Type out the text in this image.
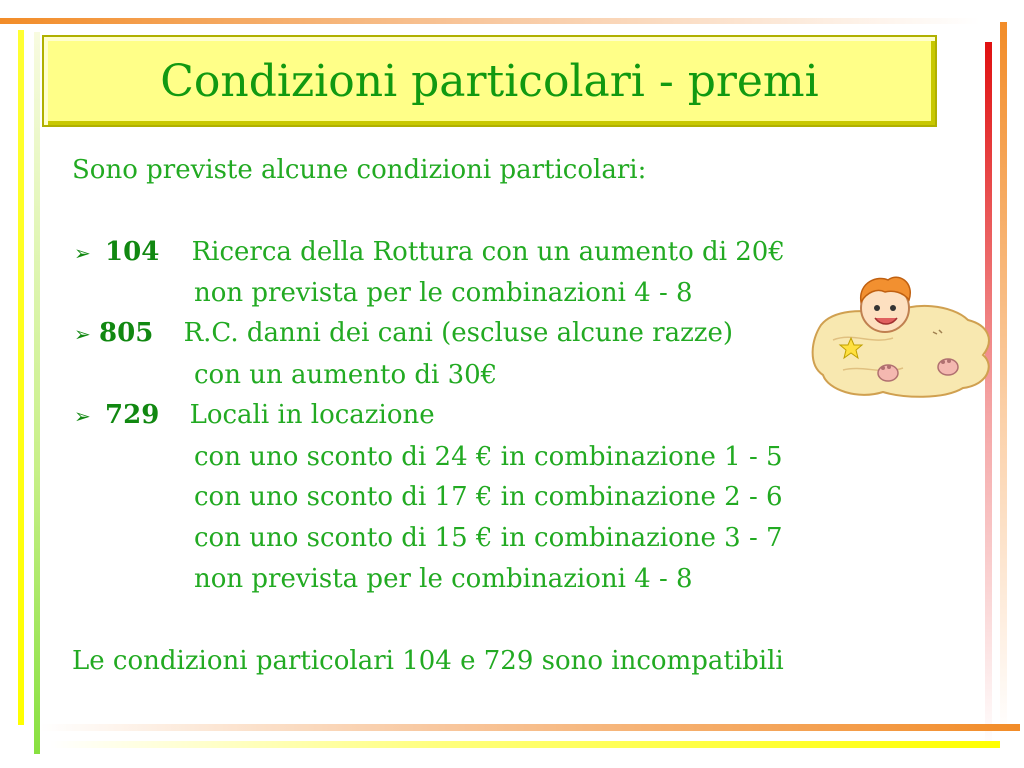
Condizioni particolari - premi
Sono previste alcune condizioni particolari:
➢ 104 Ricerca della Rottura con un aumento di 20€
non prevista per le combinazioni 4 - 8
➢ 805 R.C. danni dei cani (escluse alcune razze)
con un aumento di 30€
➢ 729 Locali in locazione
con uno sconto di 24 € in combinazione 1 - 5
con uno sconto di 17 € in combinazione 2 - 6
con uno sconto di 15 € in combinazione 3 - 7
non prevista per le combinazioni 4 - 8
Le condizioni particolari 104 e 729 sono incompatibili
